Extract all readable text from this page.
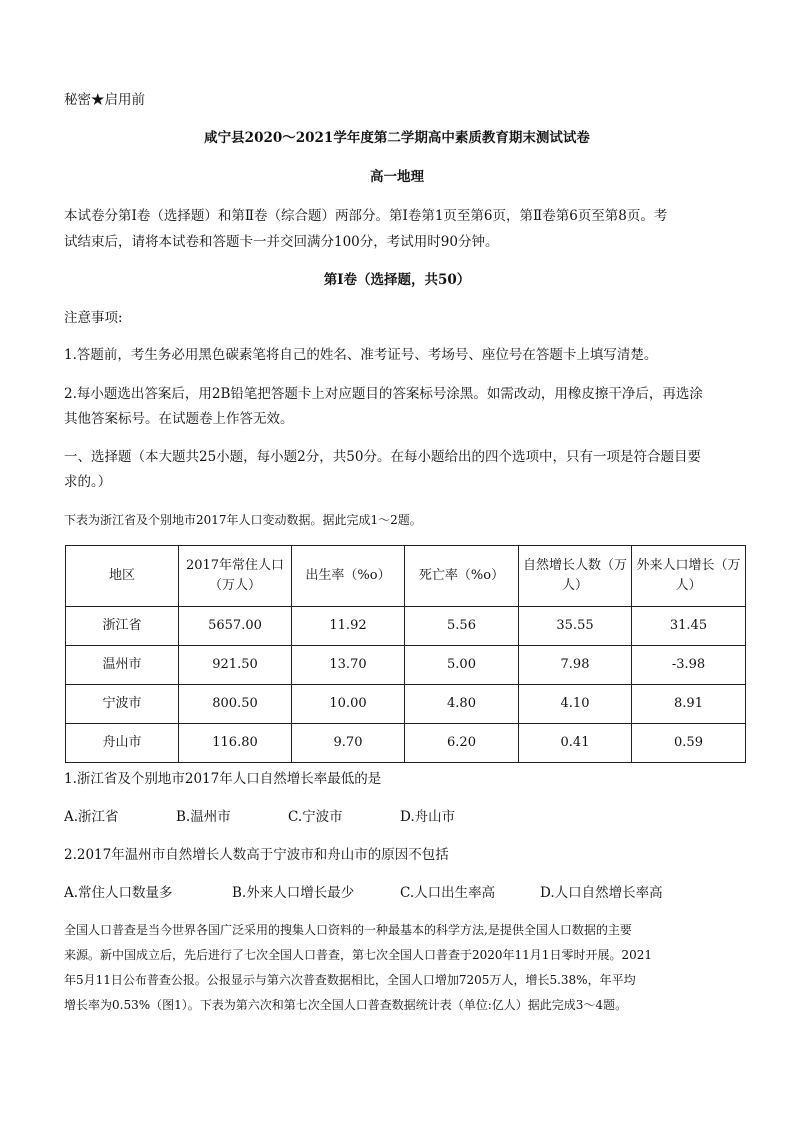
秘密★启用前
咸宁县2020～2021学年度第二学期高中素质教育期末测试试卷
高一地理
本试卷分第Ⅰ卷（选择题）和第Ⅱ卷（综合题）两部分。第Ⅰ卷第1页至第6页，第Ⅱ卷第6页至第8页。考
试结束后，请将本试卷和答题卡一并交回满分100分，考试用时90分钟。
第Ⅰ卷（选择题，共50）
注意事项:
1.答题前，考生务必用黑色碳素笔将自己的姓名、准考证号、考场号、座位号在答题卡上填写清楚。
2.每小题选出答案后，用2B铅笔把答题卡上对应题目的答案标号涂黑。如需改动，用橡皮擦干净后，再选涂
其他答案标号。在试题卷上作答无效。
一、选择题（本大题共25小题，每小题2分，共50分。在每小题给出的四个选项中，只有一项是符合题目要
求的。）
下表为浙江省及个别地市2017年人口变动数据。据此完成1～2题。
地区	2017年常住人口（万人）	出生率（%o）	死亡率（%o）	自然增长人数（万人）	外来人口增长（万人）
浙江省	5657.00	11.92	5.56	35.55	31.45
温州市	921.50	13.70	5.00	7.98	-3.98
宁波市	800.50	10.00	4.80	4.10	8.91
舟山市	116.80	9.70	6.20	0.41	0.59
1.浙江省及个别地市2017年人口自然增长率最低的是
A.浙江省	B.温州市	C.宁波市	D.舟山市
2.2017年温州市自然增长人数高于宁波市和舟山市的原因不包括
A.常住人口数量多	B.外来人口增长最少	C.人口出生率高	D.人口自然增长率高
全国人口普查是当今世界各国广泛采用的搜集人口资料的一种最基本的科学方法,是提供全国人口数据的主要
来源。新中国成立后，先后进行了七次全国人口普查，第七次全国人口普查于2020年11月1日零时开展。2021
年5月11日公布普查公报。公报显示与第六次普查数据相比，全国人口增加7205万人，增长5.38%，年平均
增长率为0.53%（图1）。下表为第六次和第七次全国人口普查数据统计表（单位:亿人）据此完成3～4题。
